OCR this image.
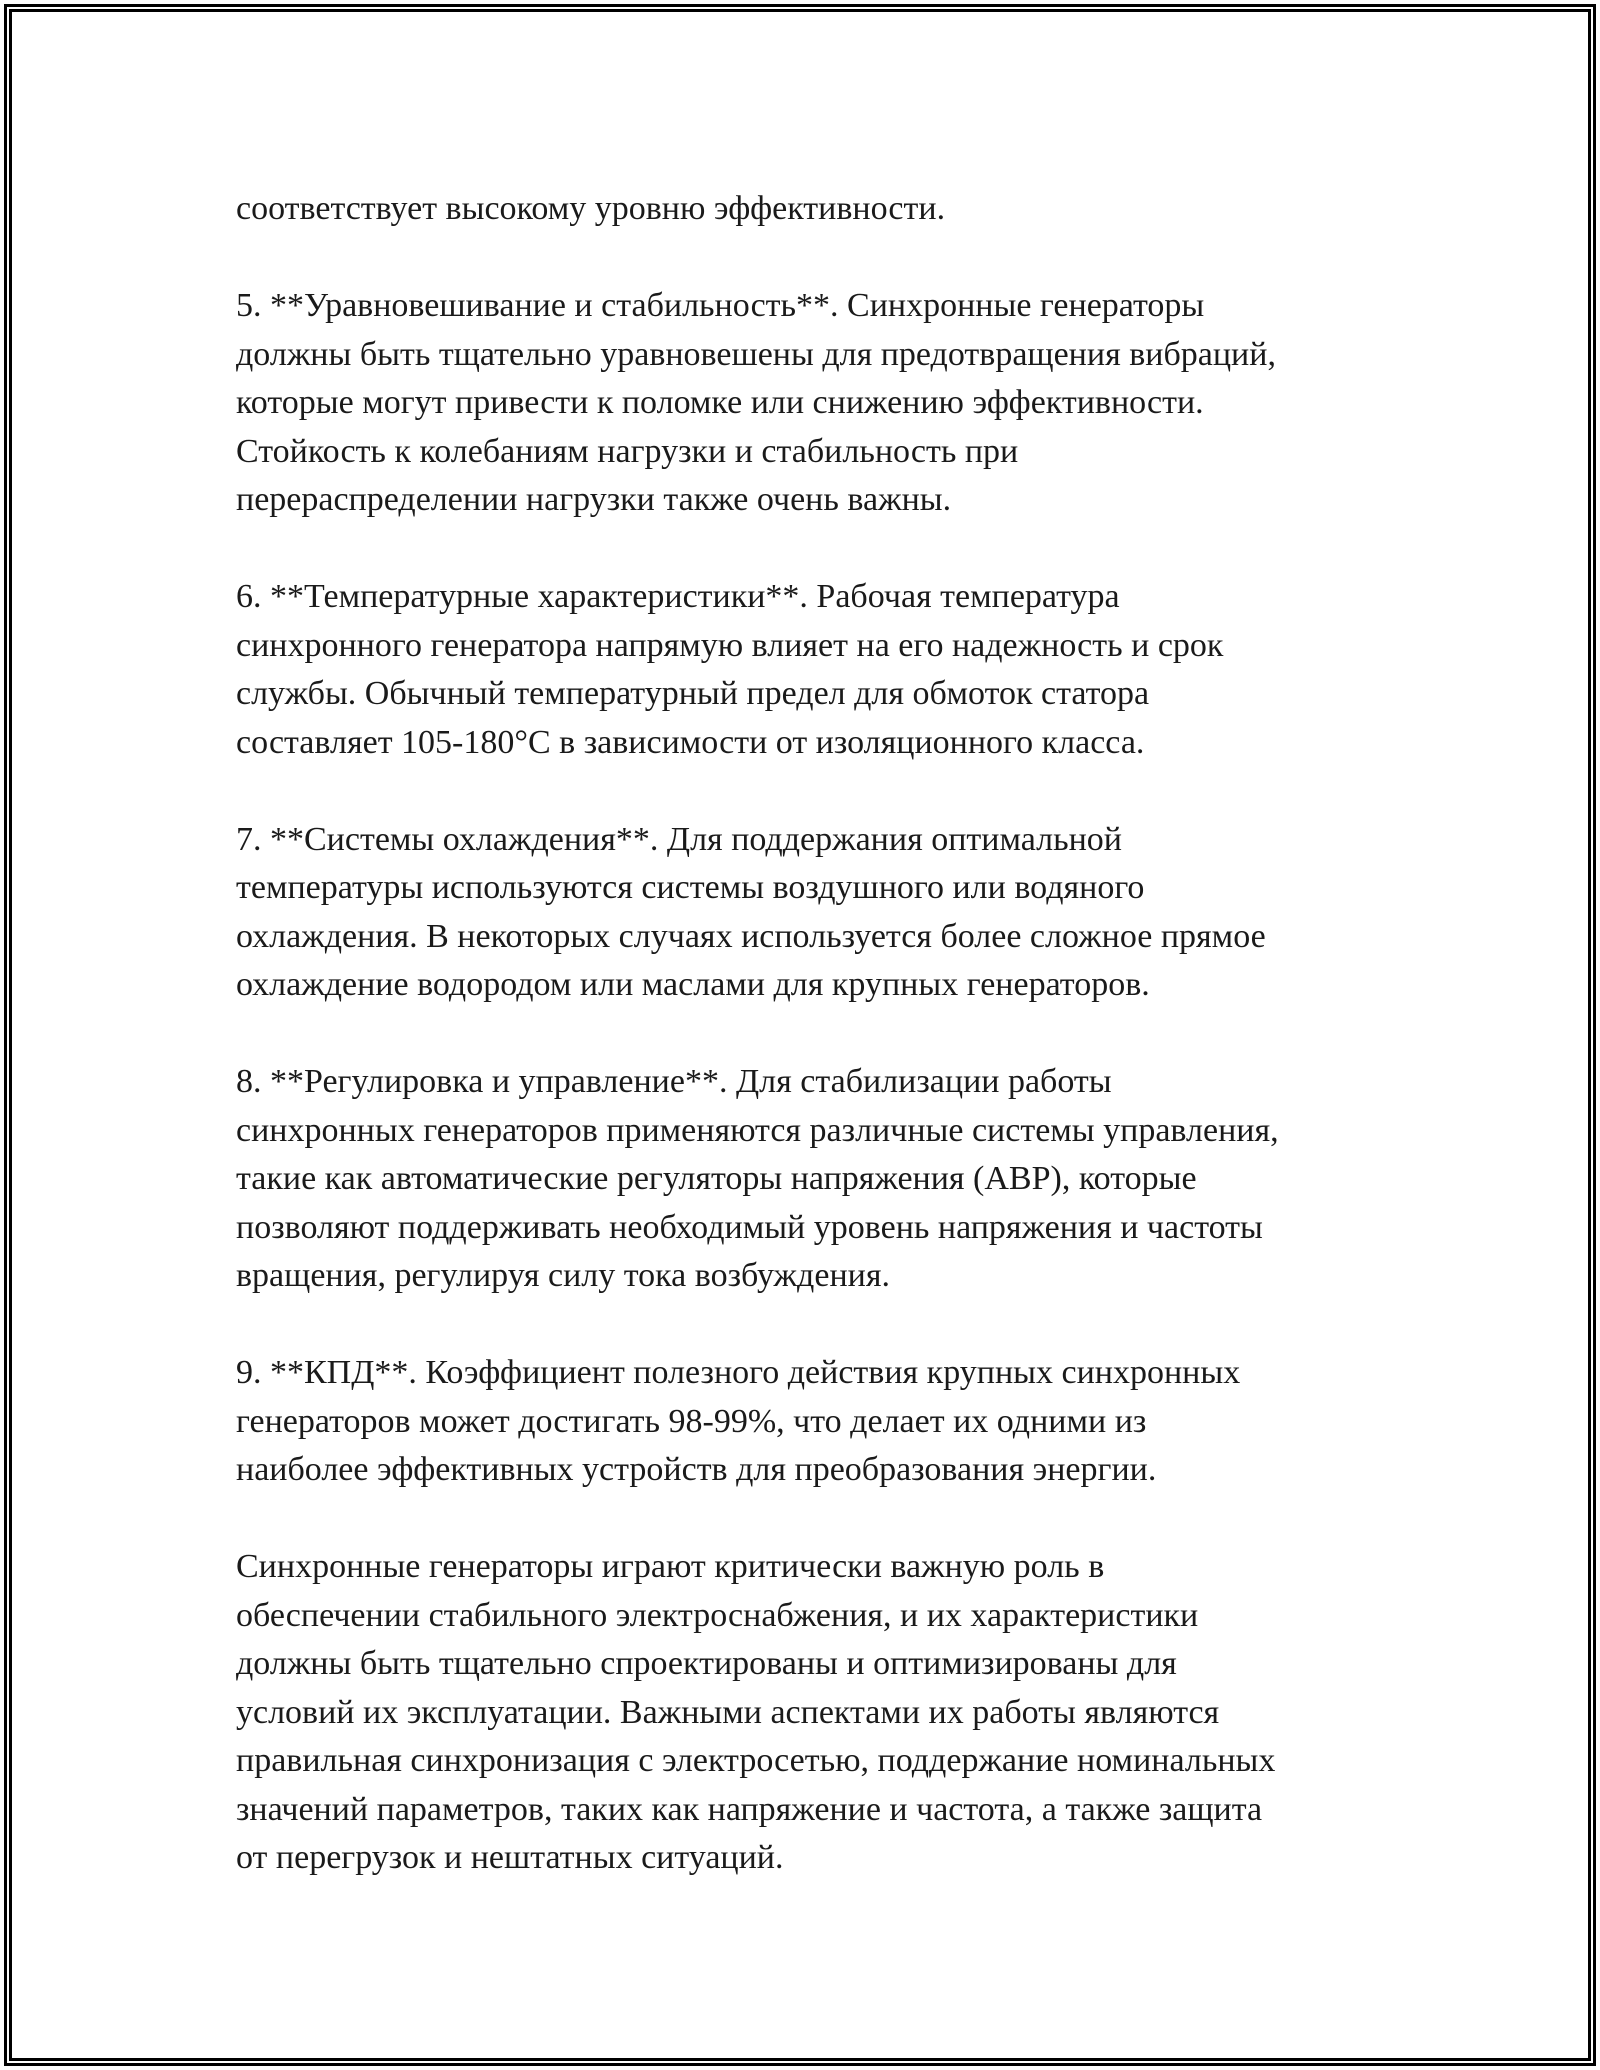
соответствует высокому уровню эффективности.
5. **Уравновешивание и стабильность**. Синхронные генераторы
должны быть тщательно уравновешены для предотвращения вибраций,
которые могут привести к поломке или снижению эффективности.
Стойкость к колебаниям нагрузки и стабильность при
перераспределении нагрузки также очень важны.
6. **Температурные характеристики**. Рабочая температура
синхронного генератора напрямую влияет на его надежность и срок
службы. Обычный температурный предел для обмоток статора
составляет 105-180°C в зависимости от изоляционного класса.
7. **Системы охлаждения**. Для поддержания оптимальной
температуры используются системы воздушного или водяного
охлаждения. В некоторых случаях используется более сложное прямое
охлаждение водородом или маслами для крупных генераторов.
8. **Регулировка и управление**. Для стабилизации работы
синхронных генераторов применяются различные системы управления,
такие как автоматические регуляторы напряжения (АВР), которые
позволяют поддерживать необходимый уровень напряжения и частоты
вращения, регулируя силу тока возбуждения.
9. **КПД**. Коэффициент полезного действия крупных синхронных
генераторов может достигать 98-99%, что делает их одними из
наиболее эффективных устройств для преобразования энергии.
Синхронные генераторы играют критически важную роль в
обеспечении стабильного электроснабжения, и их характеристики
должны быть тщательно спроектированы и оптимизированы для
условий их эксплуатации. Важными аспектами их работы являются
правильная синхронизация с электросетью, поддержание номинальных
значений параметров, таких как напряжение и частота, а также защита
от перегрузок и нештатных ситуаций.
